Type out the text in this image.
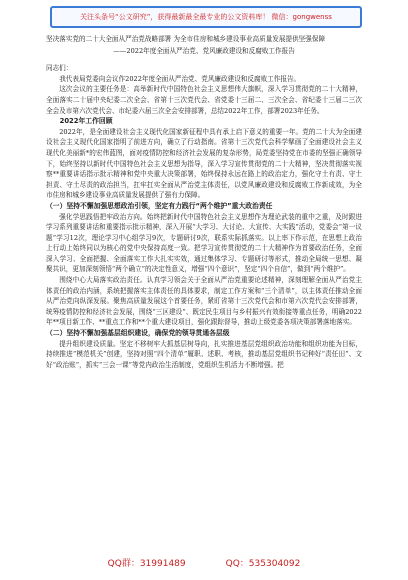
关注头条号“公文研究”，获得最新最全最专业的公文资料库！ 微信：gongwenss

坚决落实党的二十大全面从严治党战略部署 为全市住房和城乡建设事业高质量发展提供坚强保障

——2022年度全面从严治党、党风廉政建设和反腐败工作报告

同志们：

我代表局党委向会议作2022年度全面从严治党、党风廉政建设和反腐败工作报告。

这次会议的主要任务是：高举新时代中国特色社会主义思想伟大旗帜，深入学习贯彻党的二十大精神，全面落实二十届中央纪委二次全会、省第十三次党代会、省党委十三届二、三次全会、省纪委十三届二三次全会及市第六次党代会、市纪委六届三次全会安排部署，总结2022年工作，部署2023年任务。

2022年工作回顾

2022年，是全面建设社会主义现代化国家新征程中具有承上启下意义的重要一年。党的二十大为全面建设社会主义现代化国家指明了前进方向，确立了行动指南。省第十三次党代会科学擘画了全面建设社会主义现代化美丽新*的宏伟蓝图，面对疫情防控和经济社会发展的复杂形势，局党委坚持党在市委的坚强正确领导下，始终坚持以新时代中国特色社会主义思想为指导，深入学习宣传贯彻党的二十大精神，坚决贯彻落实视察**重要讲话指示批示精神和党中央重大决策部署，始终保持永远在路上的政治定力，强化守土有责、守土担责、守土尽责的政治担当，扛牢扛实全面从严治党主体责任，以党风廉政建设和反腐败工作新成效，为全市住房和城乡建设事业高质量发展提供了强有力保障。

（一）坚持不懈加强思想政治引领，坚定有力践行“两个维护”重大政治责任

强化学思践悟把牢政治方向。始终把新时代中国特色社会主义思想作为理论武装的重中之重，及时跟进学习系列重要讲话和重要指示批示精神，深入开展“大学习、大讨论、大宣传、大实践”活动，党委会“第一议题”学习12次，理论学习中心组学习9次，专题研讨9次，联系实际抓落实。以上率下作示范，在思想上政治上行动上始终同以为核心的党中央保持高度一致。把学习宣传贯彻党的二十大精神作为首要政治任务，全面深入学习、全面把握、全面落实工作大扎实实效，通过集体学习、专题研讨等形式，推动全局统一思想、凝聚共识，更加深刻领悟“两个确立”的决定性意义，增强“四个意识”，坚定“四个自信”，做到“两个维护”。

围绕中心大局落实政治责任。认真学习领会关于全面从严治党重要论述精神，深刻理解全面从严治党主体责任的政治内涵，系统把握落实主体责任的具体要求，制定工作方案和“三个清单”，以主体责任推动全面从严治党向纵深发展。聚焦高质量发展这个首要任务，紧盯省第十三次党代会和市第六次党代会安排部署，统筹疫情防控和经济社会发展，围绕“三区建设”、既定民生项目与乡村振兴有效衔接等重点任务，明确2022年**项目新工作、**重点工作和**个重大建设项目，强化跟踪督导，推动上级党委各项决策部署落地落实。

（二）坚持不懈加强基层组织建设，确保党的领导贯通各层级

提升组织建设质量。坚定不移树牢大抓基层树导向，扎实推进基层党组织政治功能和组织功能为目标，持续推进“模范机关”创建，坚持对照“四个清单”履职、述职、考核，推动基层党组织书记种好“责任田”、文好“政治账”，抓实“三会一课”等党内政治生活制度，党组织生机活力不断增强。把

QQ群：31991489	QQ：535304092
